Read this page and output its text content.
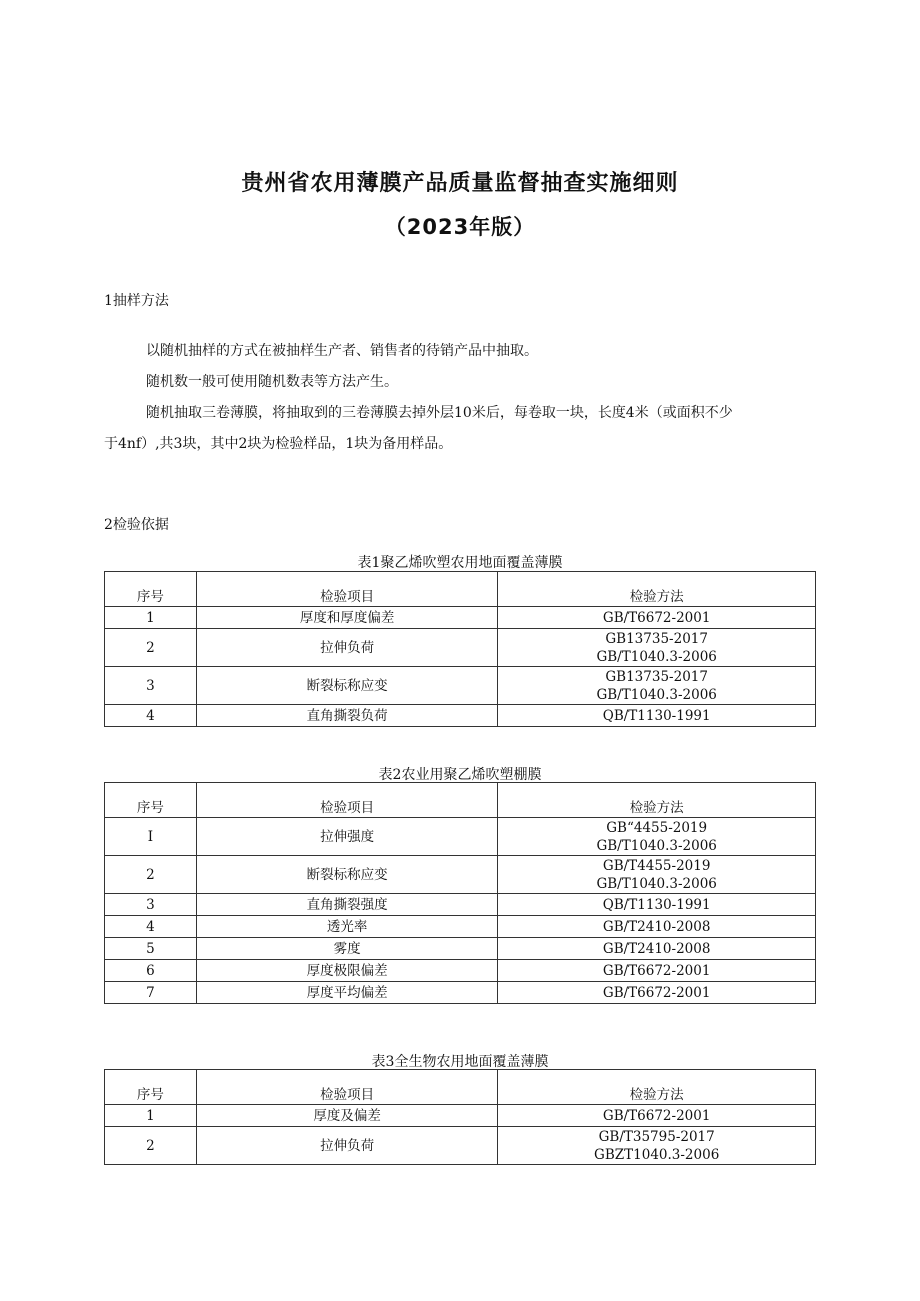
贵州省农用薄膜产品质量监督抽查实施细则
（2023年版）
1抽样方法
以随机抽样的方式在被抽样生产者、销售者的待销产品中抽取。
随机数一般可使用随机数表等方法产生。
随机抽取三卷薄膜，将抽取到的三卷薄膜去掉外层10米后，每卷取一块，长度4米（或面积不少
于4nf）,共3块，其中2块为检验样品，1块为备用样品。
2检验依据
表1聚乙烯吹塑农用地面覆盖薄膜
序号	检验项目	检验方法
1	厚度和厚度偏差	GB/T6672-2001
2	拉伸负荷	GB13735-2017
GB/T1040.3-2006

3	断裂标称应变	GB13735-2017
GB/T1040.3-2006

4	直角撕裂负荷	QB/T1130-1991
表2农业用聚乙烯吹塑棚膜
序号	检验项目	检验方法
I	拉伸强度	GB“4455-2019
GB/T1040.3-2006

2	断裂标称应变	GB/T4455-2019
GB/T1040.3-2006

3	直角撕裂强度	QB/T1130-1991
4	透光率	GB/T2410-2008
5	雾度	GB/T2410-2008
6	厚度极限偏差	GB/T6672-2001
7	厚度平均偏差	GB/T6672-2001
表3全生物农用地面覆盖薄膜
序号	检验项目	检验方法
1	厚度及偏差	GB/T6672-2001
2	拉伸负荷	GB/T35795-2017
GBZT1040.3-2006
